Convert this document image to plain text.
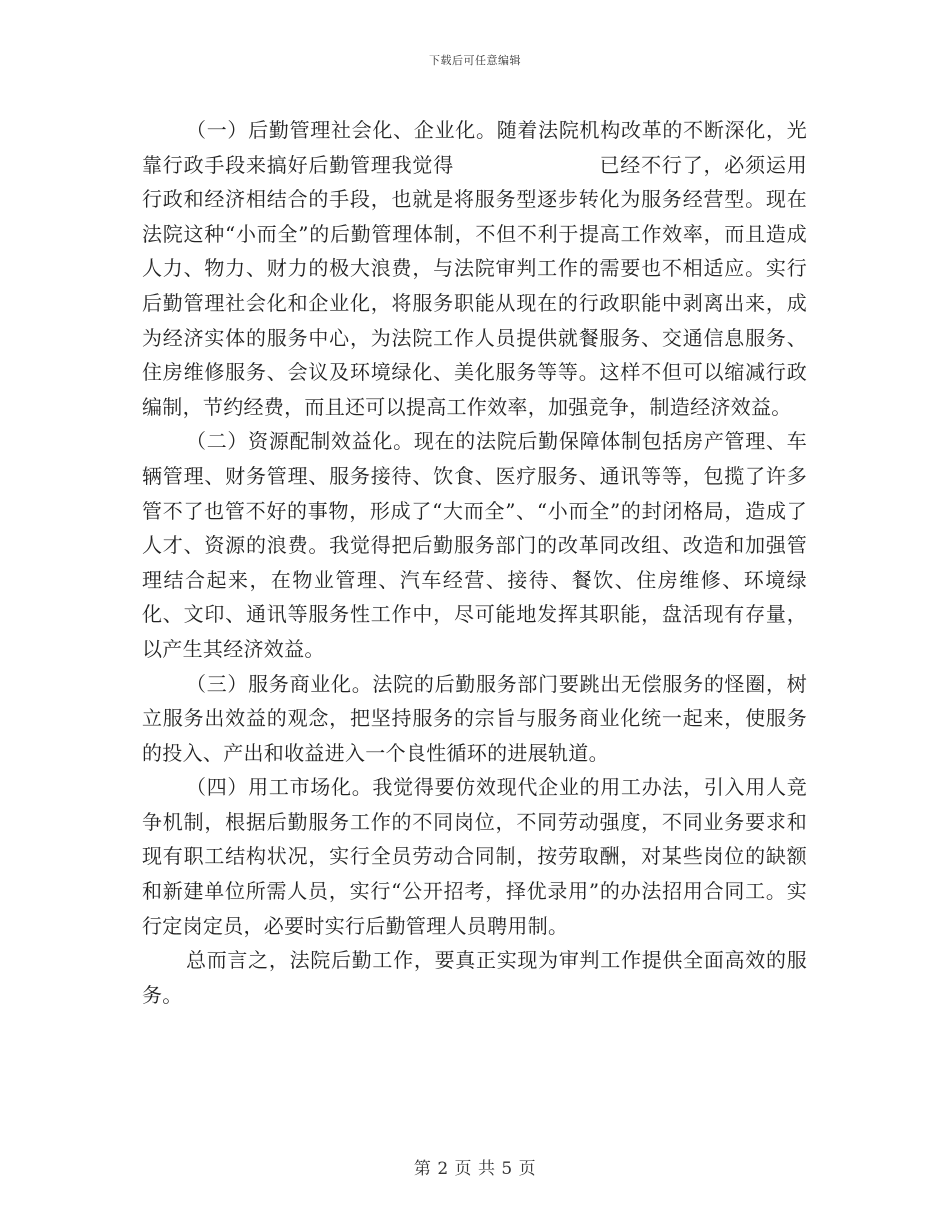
下载后可任意编辑

（一）后勤管理社会化、企业化。随着法院机构改革的不断深化，光靠行政手段来搞好后勤管理我觉得	已经不行了，必须运用行政和经济相结合的手段，也就是将服务型逐步转化为服务经营型。现在法院这种“小而全”的后勤管理体制，不但不利于提高工作效率，而且造成人力、物力、财力的极大浪费，与法院审判工作的需要也不相适应。实行后勤管理社会化和企业化，将服务职能从现在的行政职能中剥离出来，成为经济实体的服务中心，为法院工作人员提供就餐服务、交通信息服务、住房维修服务、会议及环境绿化、美化服务等等。这样不但可以缩减行政编制，节约经费，而且还可以提高工作效率，加强竞争，制造经济效益。

（二）资源配制效益化。现在的法院后勤保障体制包括房产管理、车辆管理、财务管理、服务接待、饮食、医疗服务、通讯等等，包揽了许多管不了也管不好的事物，形成了“大而全”、“小而全”的封闭格局，造成了人才、资源的浪费。我觉得把后勤服务部门的改革同改组、改造和加强管理结合起来，在物业管理、汽车经营、接待、餐饮、住房维修、环境绿化、文印、通讯等服务性工作中，尽可能地发挥其职能，盘活现有存量，以产生其经济效益。

（三）服务商业化。法院的后勤服务部门要跳出无偿服务的怪圈，树立服务出效益的观念，把坚持服务的宗旨与服务商业化统一起来，使服务的投入、产出和收益进入一个良性循环的进展轨道。

（四）用工市场化。我觉得要仿效现代企业的用工办法，引入用人竞争机制，根据后勤服务工作的不同岗位，不同劳动强度，不同业务要求和现有职工结构状况，实行全员劳动合同制，按劳取酬，对某些岗位的缺额和新建单位所需人员，实行“公开招考，择优录用”的办法招用合同工。实行定岗定员，必要时实行后勤管理人员聘用制。

总而言之，法院后勤工作，要真正实现为审判工作提供全面高效的服务。

第 2 页 共 5 页
